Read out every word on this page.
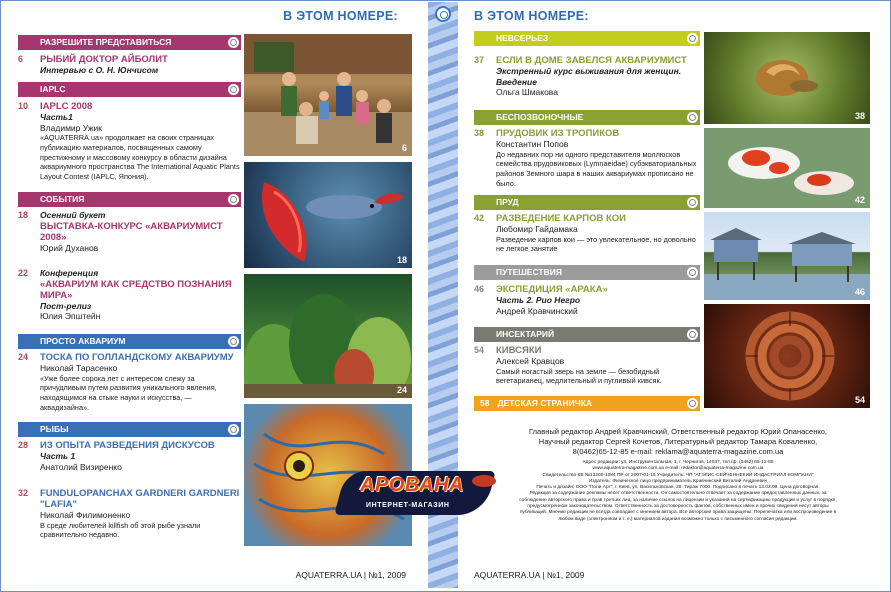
В ЭТОМ НОМЕРЕ:
РАЗРЕШИТЕ ПРЕДСТАВИТЬСЯ
6 РЫБИЙ ДОКТОР АЙБОЛИТ
Интервью с О. Н. Юнчисом
IAPLC
10 IAPLC 2008
Часть1
Владимир Ужик
«AQUATERRA.ua» продолжает на своих страницах публикацию материалов, посвященных самому престижному и массовому конкурсу в области дизайна аквариумного пространства The International Aquatic Plants Layout Contest (IAPLC, Япония).
СОБЫТИЯ
18 Осенний букет
ВЫСТАВКА-КОНКУРС «АКВАРИУМИСТ 2008»
Юрий Духанов
22 Конференция
«АКВАРИУМ КАК СРЕДСТВО ПОЗНАНИЯ МИРА»
Пост-релиз
Юлия Эпштейн
ПРОСТО АКВАРИУМ
24 ТОСКА ПО ГОЛЛАНДСКОМУ АКВАРИУМУ
Николай Тарасенко
«Уже более сорока лет с интересом слежу за причудливым путем развития уникального явления, находящимся на стыке науки и искусства, — аквадизайна».
РЫБЫ
28 ИЗ ОПЫТА РАЗВЕДЕНИЯ ДИСКУСОВ
Часть 1
Анатолий Визиренко
32 FUNDULOPANCHAX GARDNERI GARDNERI "LAFIA"
Николай Филимоненко
В среде любителей killfish об этой рыбе узнали сравнительно недавно.
6
18
24
AQUATERRA.UA | №1, 2009
В ЭТОМ НОМЕРЕ:
НЕВСЕРЬЕЗ
37 ЕСЛИ В ДОМЕ ЗАВЕЛСЯ АКВАРИУМИСТ
Экстренный курс выживания для женщин. Введение
Ольга Шмакова
БЕСПОЗВОНОЧНЫЕ
38 ПРУДОВИК ИЗ ТРОПИКОВ
Константин Попов
До недавних пор ни одного представителя моллюсков семейства прудовиковых (Lymnaeidae) субэкваториальных районов Земного шара в наших аквариумах прописано не было.
ПРУД
42 РАЗВЕДЕНИЕ КАРПОВ КОИ
Любомир Гайдамака
Разведение карпов кои — это увлекательное, но довольно не легкое занятие
ПУТЕШЕСТВИЯ
46 ЭКСПЕДИЦИЯ «АРАКА»
Часть 2. Рио Негро
Андрей Кравчинский
ИНСЕКТАРИЙ
54 КИВСЯКИ
Алексей Кравцов
Самый ногастый зверь на земле — безобидный вегетарианец, медлительный и пугливый кивсяк.
58 ДЕТСКАЯ СТРАНИЧКА
38
42
46
54
AQUATERRA.UA | №1, 2009
Главный редактор Андрей Кравчинский, Ответственный редактор Юрий Опанасенко,
Научный редактор Сергей Кочетов, Литературный редактор Тамара Коваленко,
8(0462)65-12-85 e-mail: reklama@aquaterra-magazine.com.ua
Адрес редакции: ул. Инструментальная, 1, г. Чернигов, 14037, тел./ф. (0462) 65-12-85
www.aquaterra-magazine.com.ua e-mail: redaktor@aquaterra-magazine.com.ua
Свидетельство КВ №13200-1084 ПР от 2007-01-15 Учредитель: ЧП "АТЭЛИС-СЕЙЧЕННЕКИЙ ИНДАСТРИАЛ КОМПАНИ"
Издатель: Физическое лицо предприниматель Кравчинский Виталий Андреевич
Печать и дизайн: ООО "Поли Арт", г. Киев, ул. Васильковская, 28. Тираж 7000. Подписано в печать 13.03.09. Цена договорная.
Редакция за содержание рекламы несет ответственности. Он самостоятельно отвечает за содержание предоставленных данных, за
соблюдение авторского права и прав третьих лиц, за наличие ссылок на лицензии и указаний на сертификацию продукции и услуг в порядке,
предусмотренном законодательством. Ответственность за достоверность фактов, собственных имен и прочих сведений несут авторы
публикаций. Мнение редакции не всегда совпадает с мнением автора. Все авторские права защищены. Перепечатка или воспроизведение в
любом виде (электронном и т. п.) материалов издания возможно только с письменного согласия редакции.
АРОВАНА
ИНТЕРНЕТ-МАГАЗИН
